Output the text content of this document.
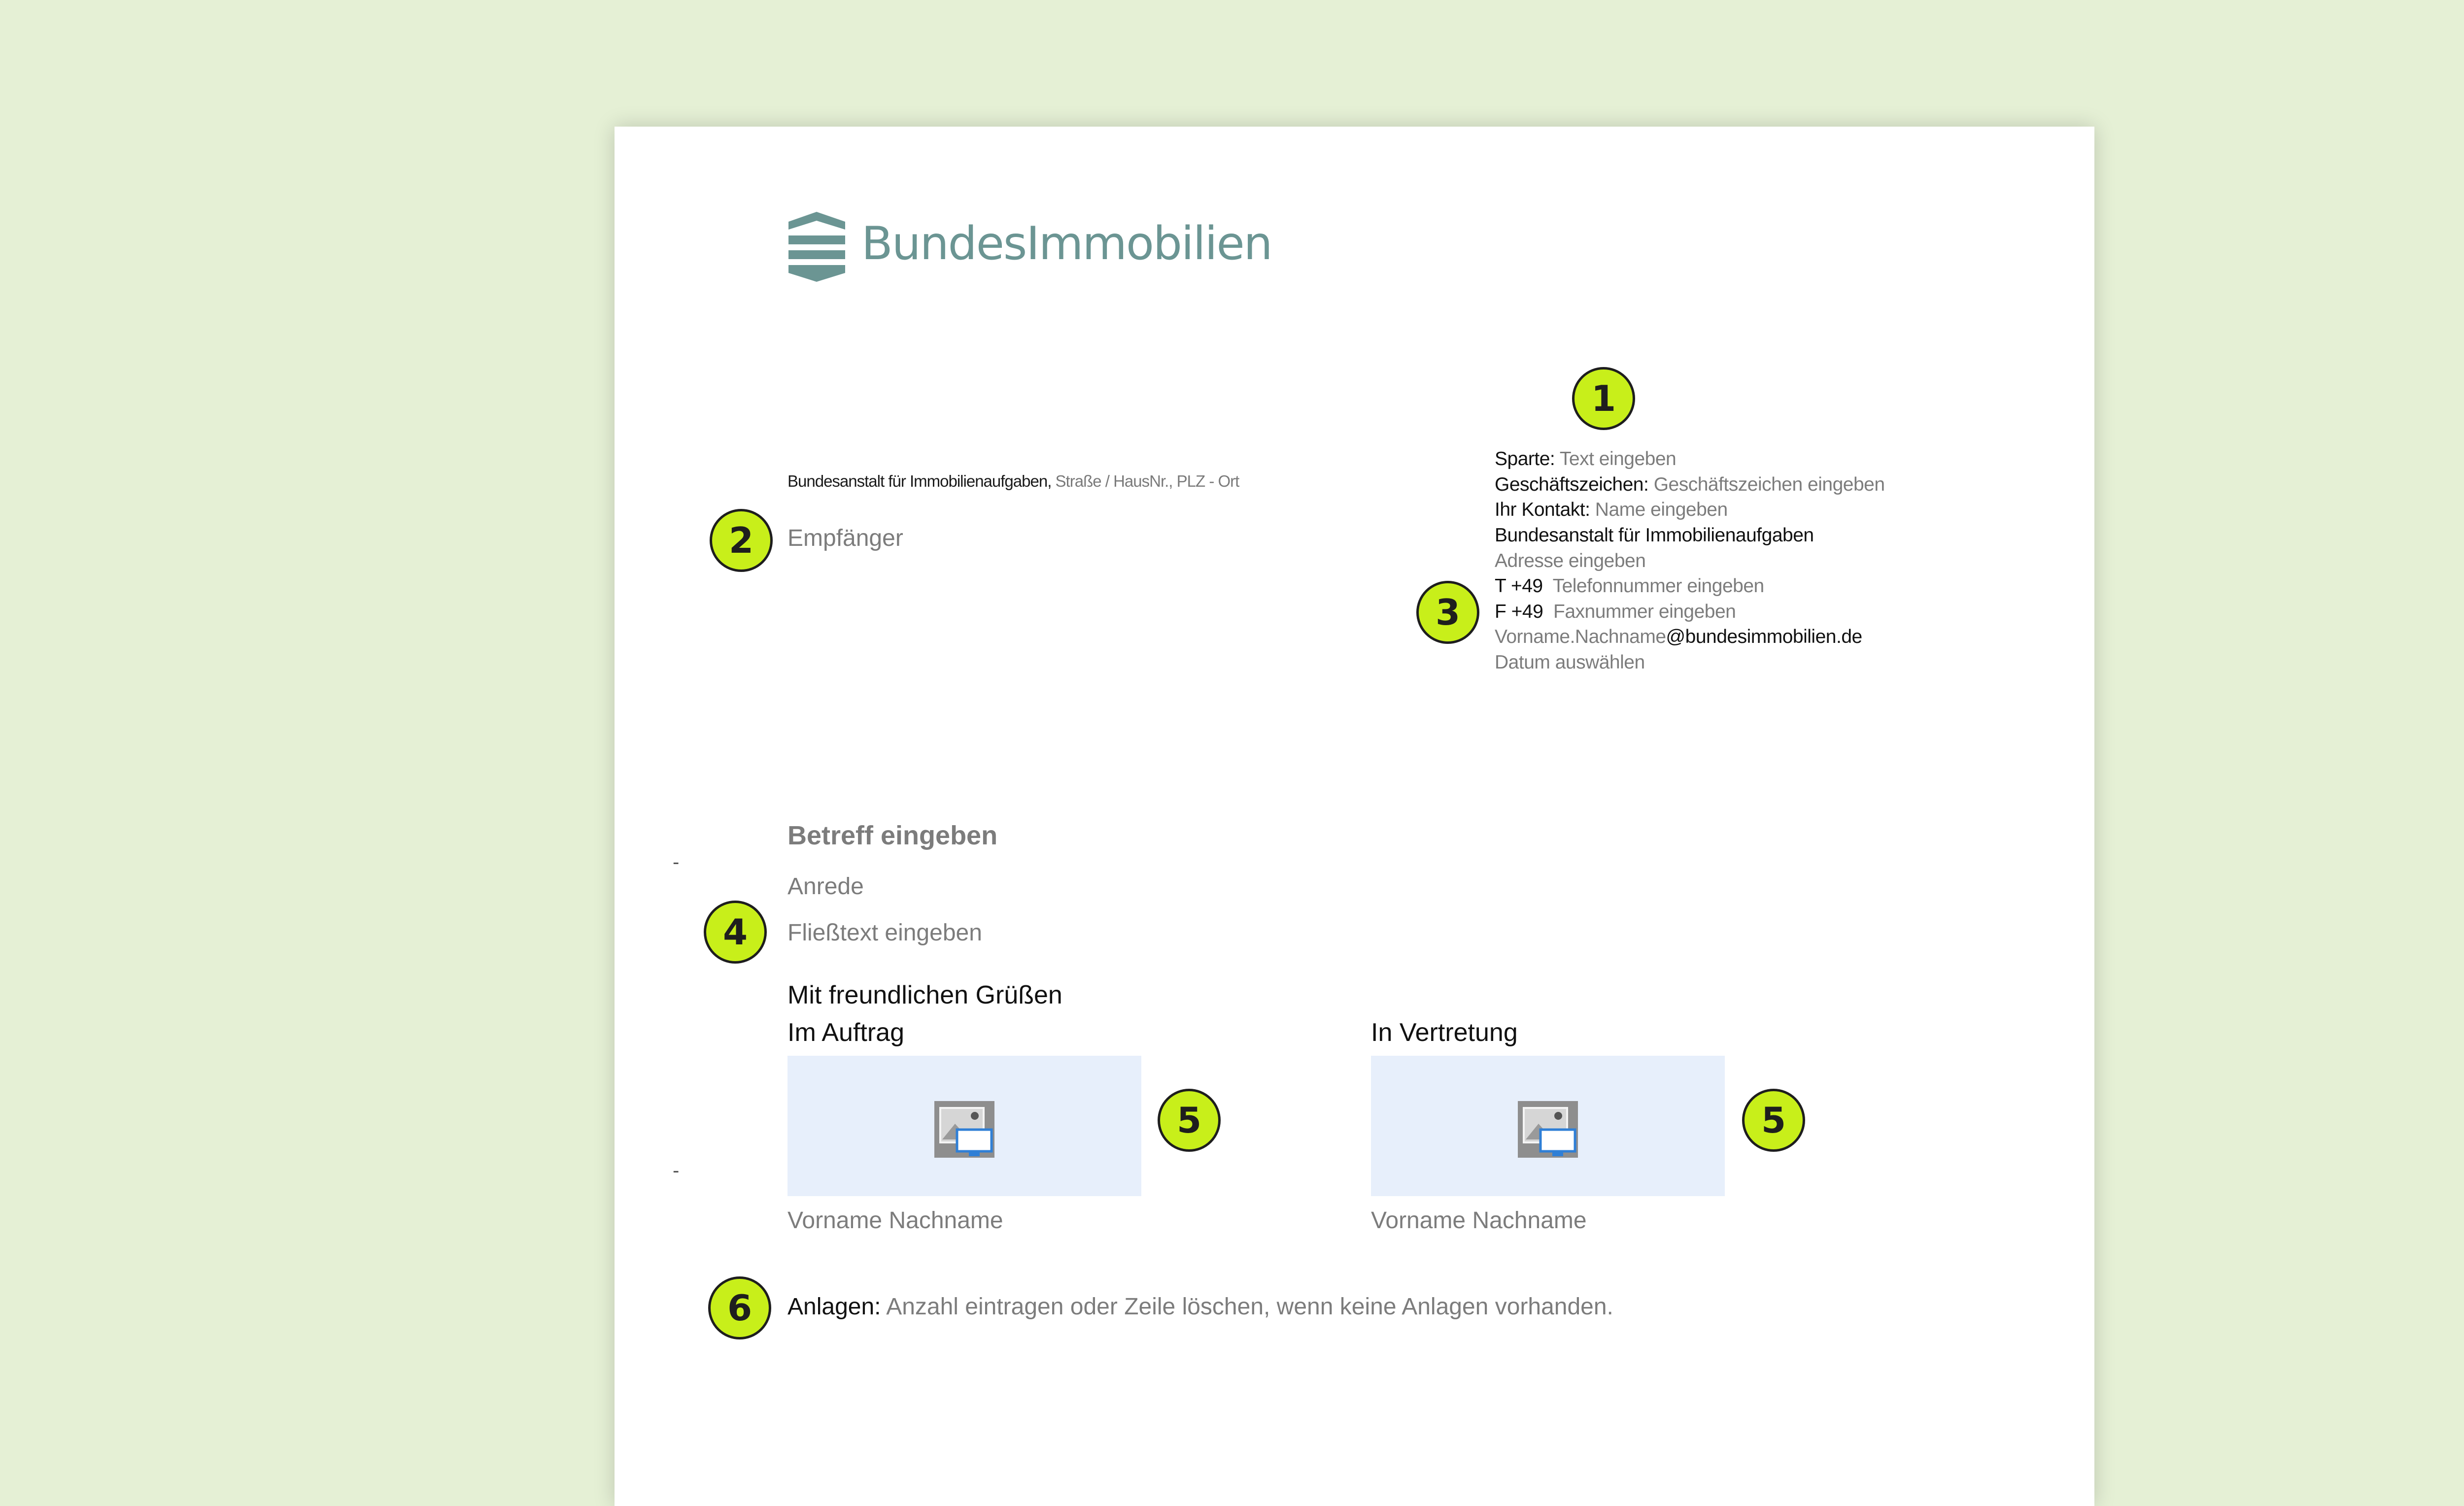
BundesImmobilien
Bundesanstalt für Immobilienaufgaben, Straße / HausNr., PLZ - Ort
Empfänger
Sparte: Text eingeben
Geschäftszeichen: Geschäftszeichen eingeben
Ihr Kontakt: Name eingeben
Bundesanstalt für Immobilienaufgaben
Adresse eingeben
T +49 Telefonnummer eingeben
F +49 Faxnummer eingeben
Vorname.Nachname@bundesimmobilien.de
Datum auswählen
Betreff eingeben
Anrede
Fließtext eingeben
Mit freundlichen Grüßen
Im Auftrag
Vorname Nachname
In Vertretung
Vorname Nachname
Anlagen: Anzahl eintragen oder Zeile löschen, wenn keine Anlagen vorhanden.
-
-
1
2
3
4
5	5
6
